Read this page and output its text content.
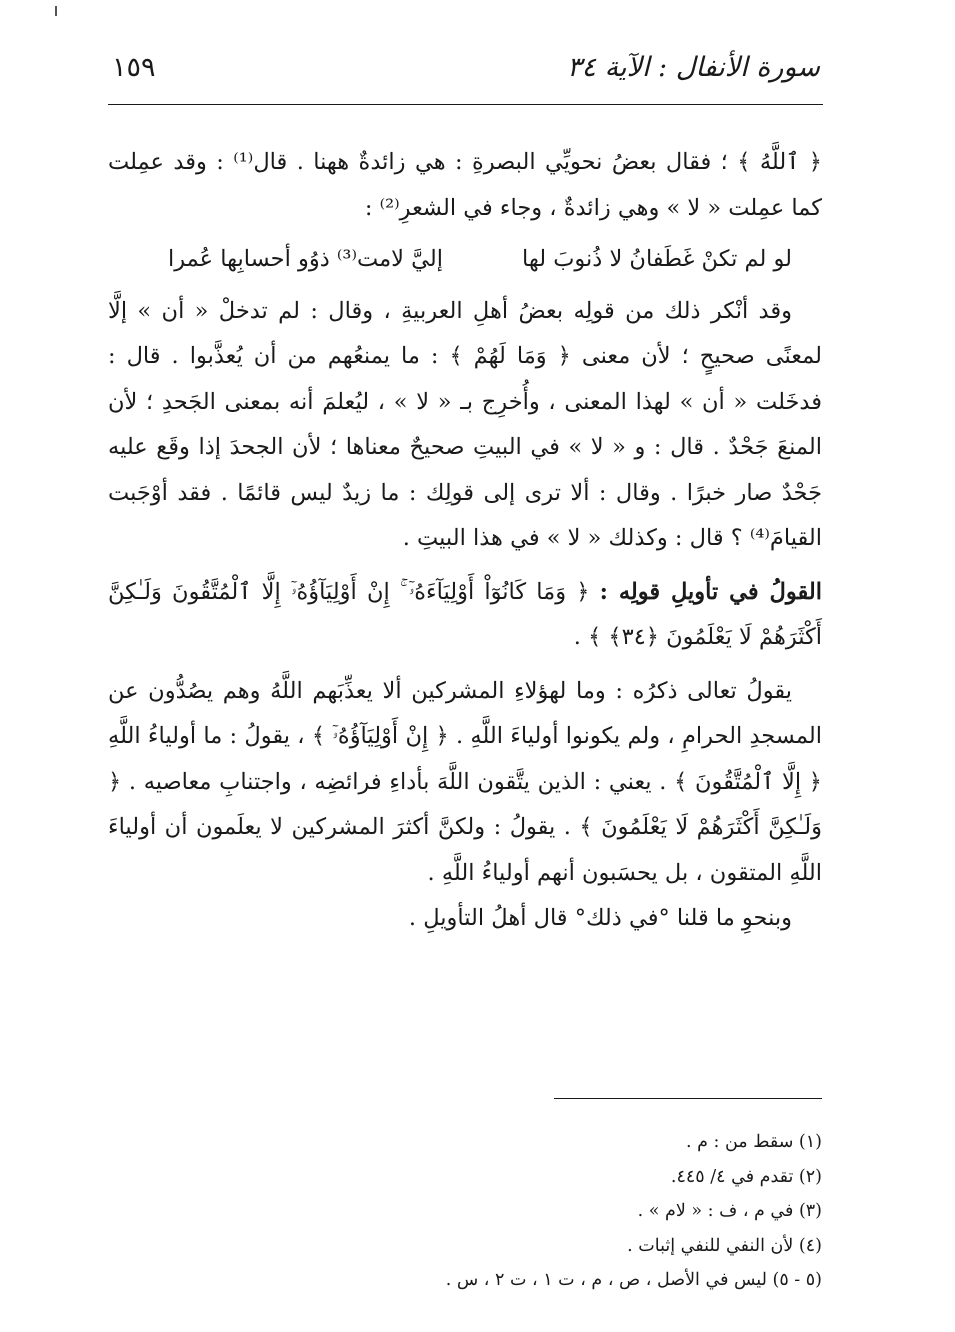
سورة الأنفال : الآية ٣٤
١٥٩

﴿ ٱللَّهُ ﴾ ؛ فقال بعضُ نحويِّي البصرةِ : هي زائدةٌ ههنا . قال⁽¹⁾ : وقد عمِلت كما عمِلت « لا » وهي زائدةٌ ، وجاء في الشعرِ⁽²⁾ :

لو لم تكنْ غَطَفانُ لا ذُنوبَ لها
إليَّ لامت⁽³⁾ ذوُو أحسابِها عُمرا

وقد أنْكر ذلك من قولِه بعضُ أهلِ العربيةِ ، وقال : لم تدخلْ « أن » إلَّا لمعنًى صحيحٍ ؛ لأن معنى ﴿ وَمَا لَهُمْ ﴾ : ما يمنعُهم من أن يُعذَّبوا . قال : فدخَلت « أن » لهذا المعنى ، وأُخرِج بـ « لا » ، ليُعلمَ أنه بمعنى الجَحدِ ؛ لأن المنعَ جَحْدٌ . قال : و « لا » في البيتِ صحيحٌ معناها ؛ لأن الجحدَ إذا وقَع عليه جَحْدٌ صار خبرًا . وقال : ألا ترى إلى قولِك : ما زيدٌ ليس قائمًا . فقد أوْجَبت القيامَ⁽⁴⁾ ؟ قال : وكذلك « لا » في هذا البيتِ .

القولُ في تأويلِ قولِه : ﴿ وَمَا كَانُوٓاْ أَوْلِيَآءَهُۥٓ ۚ إِنْ أَوْلِيَآؤُهُۥٓ إِلَّا ٱلْمُتَّقُونَ وَلَـٰكِنَّ أَكْثَرَهُمْ لَا يَعْلَمُونَ ﴿٣٤﴾ ﴾ .

يقولُ تعالى ذكرُه : وما لهؤلاءِ المشركين ألا يعذِّبَهم اللَّهُ وهم يصُدُّون عن المسجدِ الحرامِ ، ولم يكونوا أولياءَ اللَّهِ . ﴿ إِنْ أَوْلِيَآؤُهُۥٓ ﴾ ، يقولُ : ما أولياءُ اللَّهِ ﴿ إِلَّا ٱلْمُتَّقُونَ ﴾ . يعني : الذين يتَّقون اللَّهَ بأداءِ فرائضِه ، واجتنابِ معاصيه . ﴿ وَلَـٰكِنَّ أَكْثَرَهُمْ لَا يَعْلَمُونَ ﴾ . يقولُ : ولكنَّ أكثرَ المشركين لا يعلَمون أن أولياءَ اللَّهِ المتقون ، بل يحسَبون أنهم أولياءُ اللَّهِ .

وبنحوِ ما قلنا °في ذلك° قال أهلُ التأويلِ .

(١) سقط من : م .
(٢) تقدم في ٤/ ٤٤٥.
(٣) في م ، ف : « لام » .
(٤) لأن النفي للنفي إثبات .
(٥ - ٥) ليس في الأصل ، ص ، م ، ت ١ ، ت ٢ ، س .
